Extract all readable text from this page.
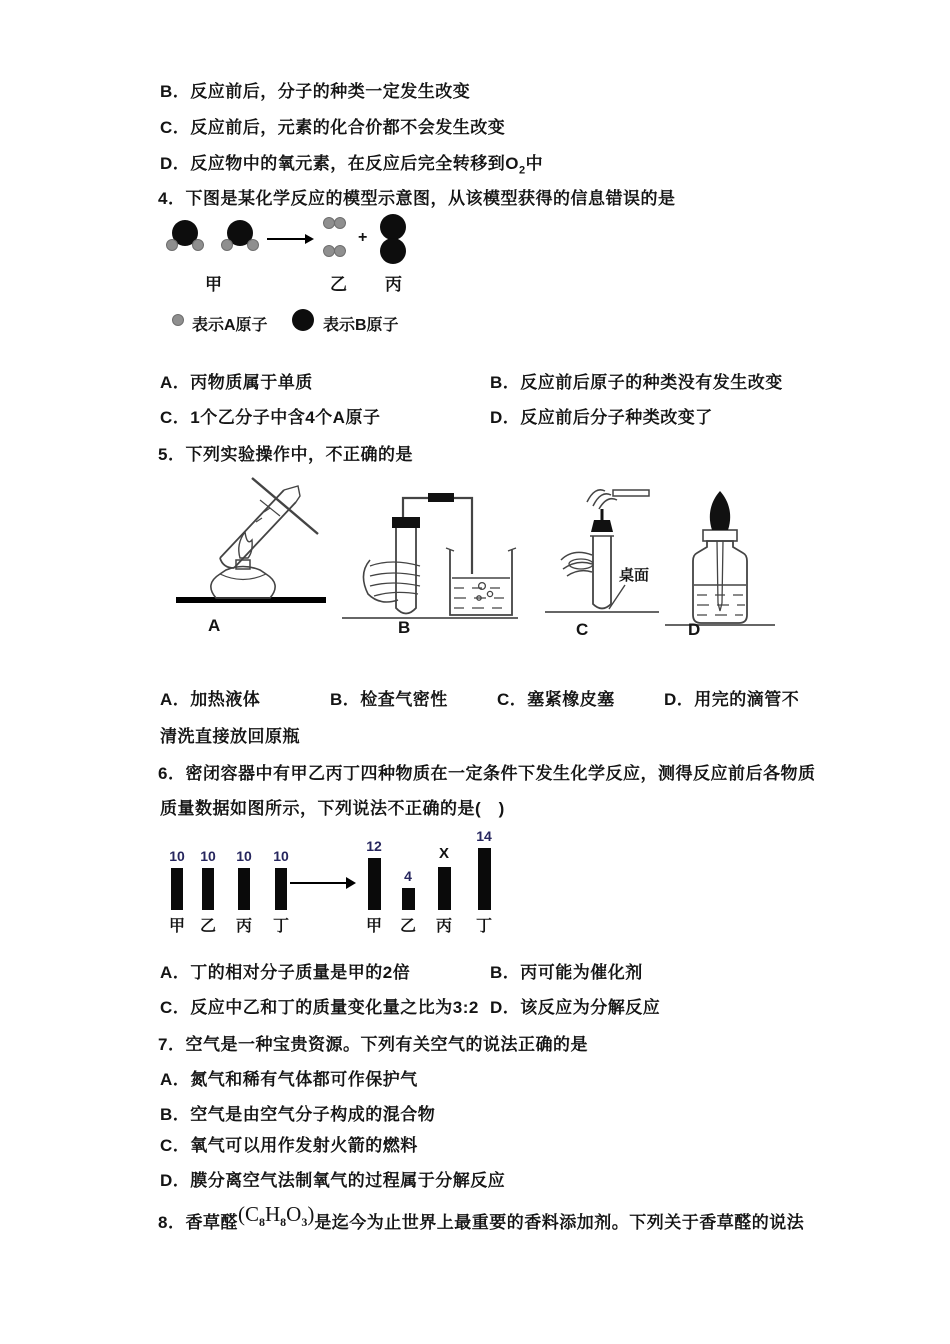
B．反应前后，分子的种类一定发生改变
C．反应前后，元素的化合价都不会发生改变
D．反应物中的氧元素，在反应后完全转移到$O_2$中
4．下图是某化学反应的模型示意图，从该模型获得的信息错误的是
+
甲	乙 丙
表示A原子	表示B原子
A．丙物质属于单质	B．反应前后原子的种类没有发生改变
C．1个乙分子中含4个A原子	D．反应前后分子种类改变了
5．下列实验操作中，不正确的是
桌面
A	B	C	D
A．加热液体	B．检查气密性	C．塞紧橡皮塞	D．用完的滴管不
清洗直接放回原瓶
6．密闭容器中有甲乙丙丁四种物质在一定条件下发生化学反应，测得反应前后各物质
质量数据如图所示，下列说法不正确的是(　)
10	10	10	10
甲 乙 丙 丁
12
4
X
14
甲 乙 丙 丁
A．丁的相对分子质量是甲的2倍	B．丙可能为催化剂
C．反应中乙和丁的质量变化量之比为3:2 D．该反应为分解反应
7．空气是一种宝贵资源。下列有关空气的说法正确的是
A．氮气和稀有气体都可作保护气
B．空气是由空气分子构成的混合物
C．氧气可以用作发射火箭的燃料
D．膜分离空气法制氧气的过程属于分解反应
8．香草醛$(C_8H_8O_3)$是迄今为止世界上最重要的香料添加剂。下列关于香草醛的说法
